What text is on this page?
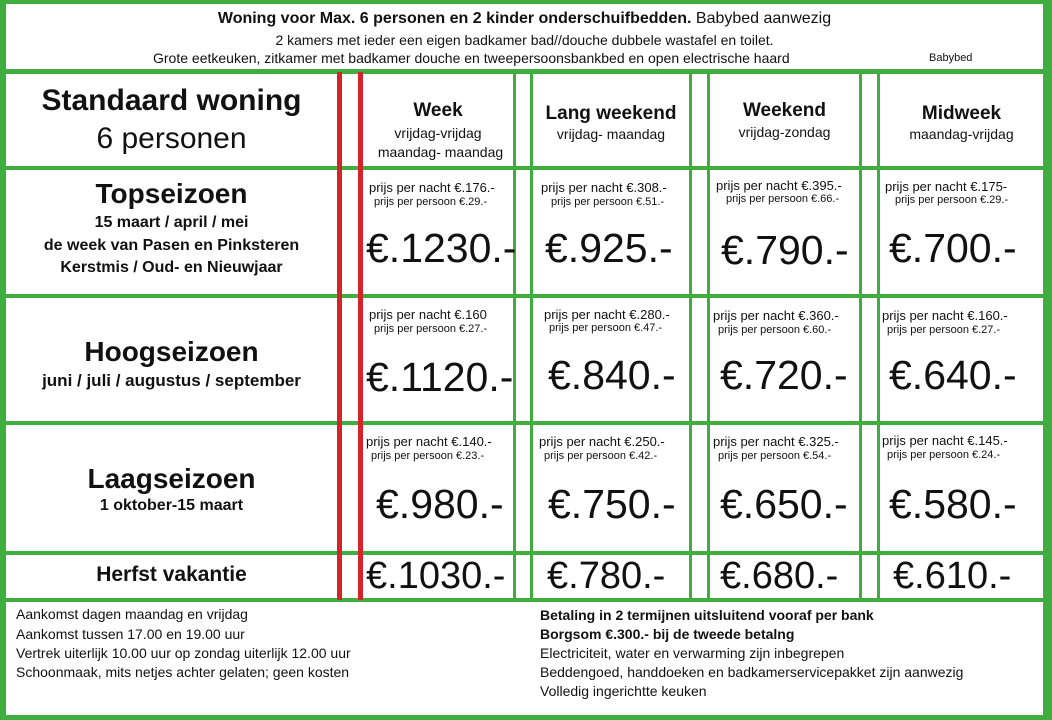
Woning voor Max. 6 personen en 2 kinder onderschuifbedden. Babybed aanwezig
2 kamers met ieder een eigen badkamer bad//douche dubbele wastafel en toilet.
Grote eetkeuken, zitkamer met badkamer douche en tweepersoonsbankbed en open electrische haard	Babybed
Standaard woning
6 personen
Week
vrijdag-vrijdag
maandag- maandag
Lang weekend
vrijdag- maandag
Weekend
vrijdag-zondag
Midweek
maandag-vrijdag
Topseizoen
15 maart / april / mei
de week van Pasen en Pinksteren
Kerstmis / Oud- en Nieuwjaar
prijs per nacht €.176.-
prijs per persoon €.29.-
€.1230.-
prijs per nacht €.308.-
prijs per persoon €.51.-
€.925.-
prijs per nacht €.395.-
prijs per persoon €.66.-
€.790.-
prijs per nacht €.175-
prijs per persoon €.29.-
€.700.-
Hoogseizoen
juni / juli / augustus / september
prijs per nacht €.160
prijs per persoon €.27.-
€.1120.-
prijs per nacht €.280.-
prijs per persoon €.47.-
€.840.-
prijs per nacht €.360.-
prijs per persoon €.60.-
€.720.-
prijs per nacht €.160.-
prijs per persoon €.27.-
€.640.-
Laagseizoen
1 oktober-15 maart
prijs per nacht €.140.-
prijs per persoon €.23.-
€.980.-
prijs per nacht €.250.-
prijs per persoon €.42.-
€.750.-
prijs per nacht €.325.-
prijs per persoon €.54.-
€.650.-
prijs per nacht €.145.-
prijs per persoon €.24.-
€.580.-
Herfst vakantie	€.1030.- €.780.- €.680.- €.610.-
Aankomst dagen maandag en vrijdag
Aankomst tussen 17.00 en 19.00 uur
Vertrek uiterlijk 10.00 uur op zondag uiterlijk 12.00 uur
Schoonmaak, mits netjes achter gelaten; geen kosten
Betaling in 2 termijnen uitsluitend vooraf per bank
Borgsom €.300.- bij de tweede betalng
Electriciteit, water en verwarming zijn inbegrepen
Beddengoed, handdoeken en badkamerservicepakket zijn aanwezig
Volledig ingerichtte keuken
